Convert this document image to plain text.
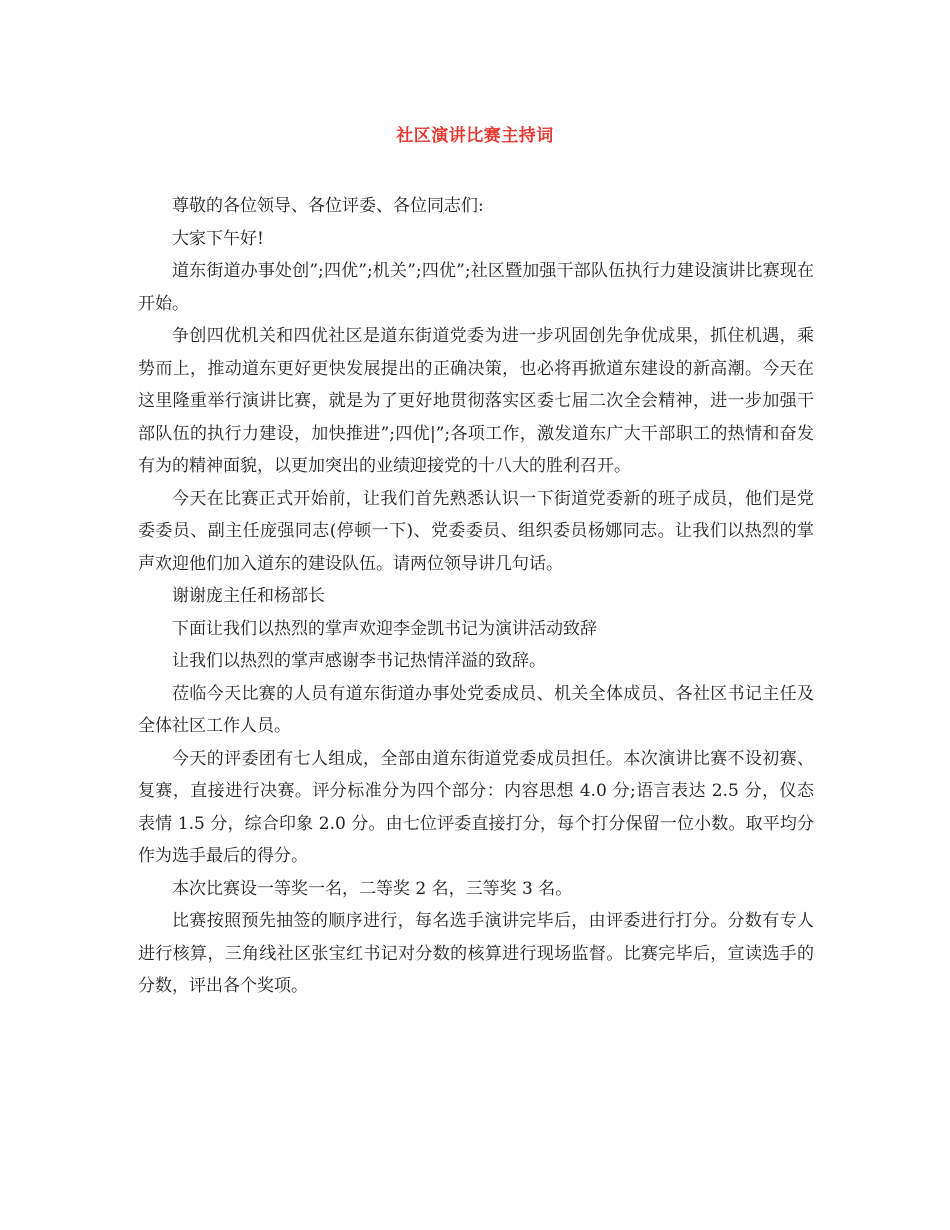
社区演讲比赛主持词

尊敬的各位领导、各位评委、各位同志们:

大家下午好!

道东街道办事处创”;四优”;机关”;四优”;社区暨加强干部队伍执行力建设演讲比赛现在开始。

争创四优机关和四优社区是道东街道党委为进一步巩固创先争优成果，抓住机遇，乘势而上，推动道东更好更快发展提出的正确决策，也必将再掀道东建设的新高潮。今天在这里隆重举行演讲比赛，就是为了更好地贯彻落实区委七届二次全会精神，进一步加强干部队伍的执行力建设，加快推进”;四优|”;各项工作，激发道东广大干部职工的热情和奋发有为的精神面貌，以更加突出的业绩迎接党的十八大的胜利召开。

今天在比赛正式开始前，让我们首先熟悉认识一下街道党委新的班子成员，他们是党委委员、副主任庞强同志(停顿一下)、党委委员、组织委员杨娜同志。让我们以热烈的掌声欢迎他们加入道东的建设队伍。请两位领导讲几句话。

谢谢庞主任和杨部长

下面让我们以热烈的掌声欢迎李金凯书记为演讲活动致辞

让我们以热烈的掌声感谢李书记热情洋溢的致辞。

莅临今天比赛的人员有道东街道办事处党委成员、机关全体成员、各社区书记主任及全体社区工作人员。

今天的评委团有七人组成，全部由道东街道党委成员担任。本次演讲比赛不设初赛、复赛，直接进行决赛。评分标准分为四个部分：内容思想 4.0 分;语言表达 2.5 分，仪态表情 1.5 分，综合印象 2.0 分。由七位评委直接打分，每个打分保留一位小数。取平均分作为选手最后的得分。

本次比赛设一等奖一名，二等奖 2 名，三等奖 3 名。

比赛按照预先抽签的顺序进行，每名选手演讲完毕后，由评委进行打分。分数有专人进行核算，三角线社区张宝红书记对分数的核算进行现场监督。比赛完毕后，宣读选手的分数，评出各个奖项。
